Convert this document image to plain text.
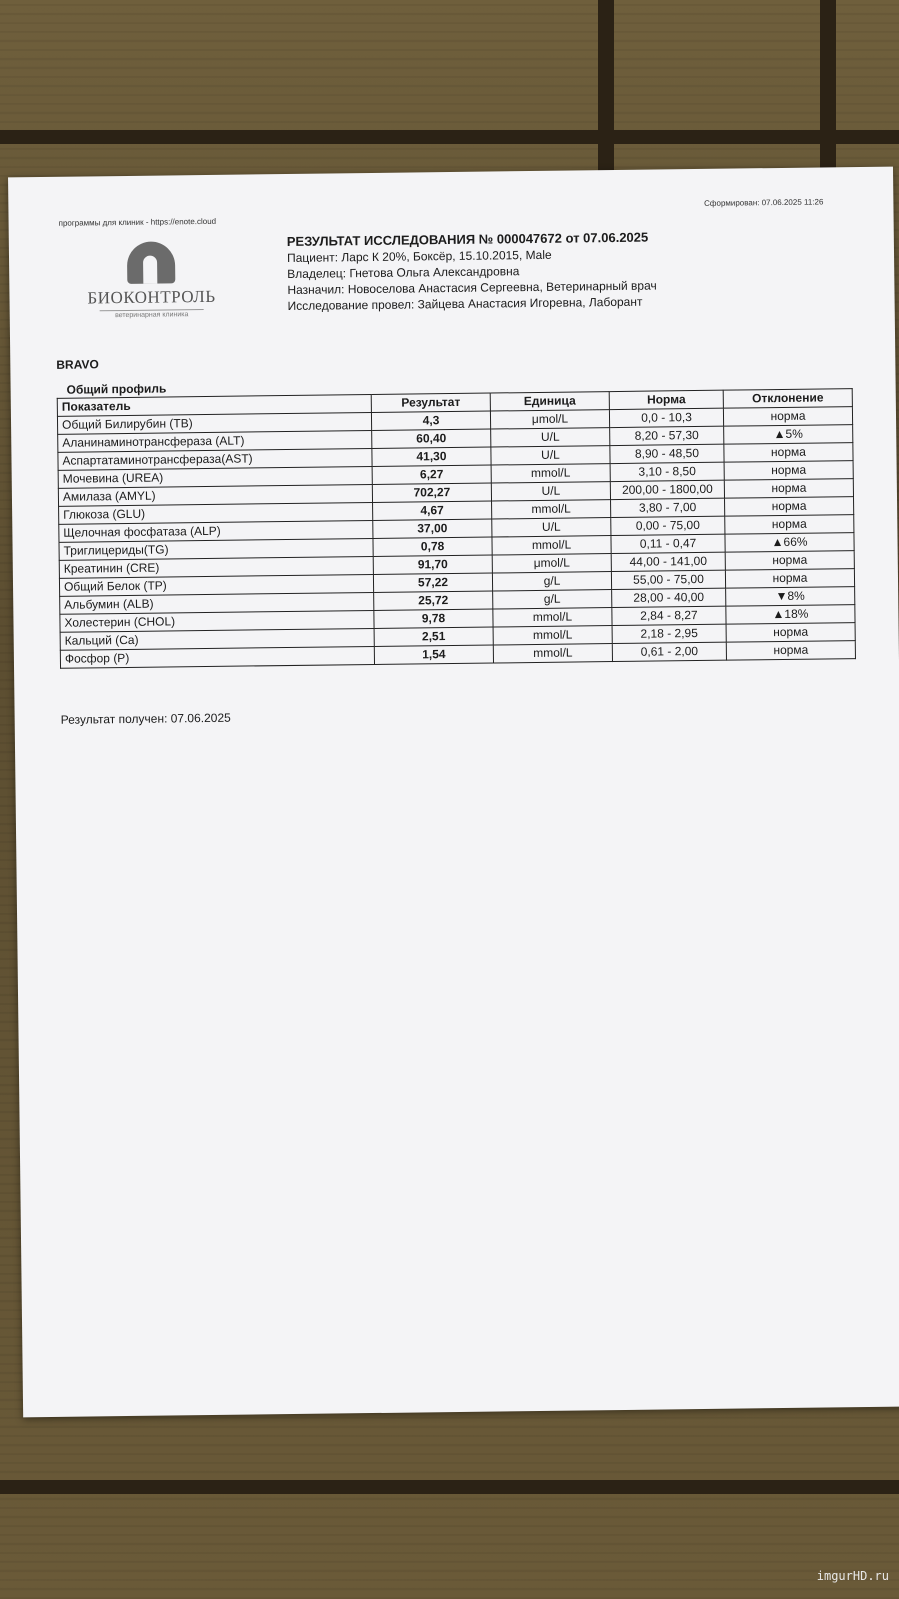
программы для клиник - https://enote.cloud
Сформирован: 07.06.2025 11:26
БИОКОНТРОЛЬ
ветеринарная клиника
РЕЗУЛЬТАТ ИССЛЕДОВАНИЯ № 000047672 от 07.06.2025
Пациент: Ларс К 20%, Боксёр, 15.10.2015, Male
Владелец: Гнетова Ольга Александровна
Назначил: Новоселова Анастасия Сергеевна, Ветеринарный врач
Исследование провел: Зайцева Анастасия Игоревна, Лаборант
BRAVO
Общий профиль
Показатель	Результат	Единица	Норма	Отклонение
Общий Билирубин (TB)	4,3	μmol/L	0,0 - 10,3	норма
Аланинаминотрансфераза (ALT)	60,40	U/L	8,20 - 57,30	▲5%
Аспартатаминотрансфераза(AST)	41,30	U/L	8,90 - 48,50	норма
Мочевина (UREA)	6,27	mmol/L	3,10 - 8,50	норма
Амилаза (AMYL)	702,27	U/L	200,00 - 1800,00	норма
Глюкоза (GLU)	4,67	mmol/L	3,80 - 7,00	норма
Щелочная фосфатаза (ALP)	37,00	U/L	0,00 - 75,00	норма
Триглицериды(TG)	0,78	mmol/L	0,11 - 0,47	▲66%
Креатинин (CRE)	91,70	μmol/L	44,00 - 141,00	норма
Общий Белок (TP)	57,22	g/L	55,00 - 75,00	норма
Альбумин (ALB)	25,72	g/L	28,00 - 40,00	▼8%
Холестерин (CHOL)	9,78	mmol/L	2,84 - 8,27	▲18%
Кальций (Ca)	2,51	mmol/L	2,18 - 2,95	норма
Фосфор (P)	1,54	mmol/L	0,61 - 2,00	норма
Результат получен: 07.06.2025
imgurHD.ru
